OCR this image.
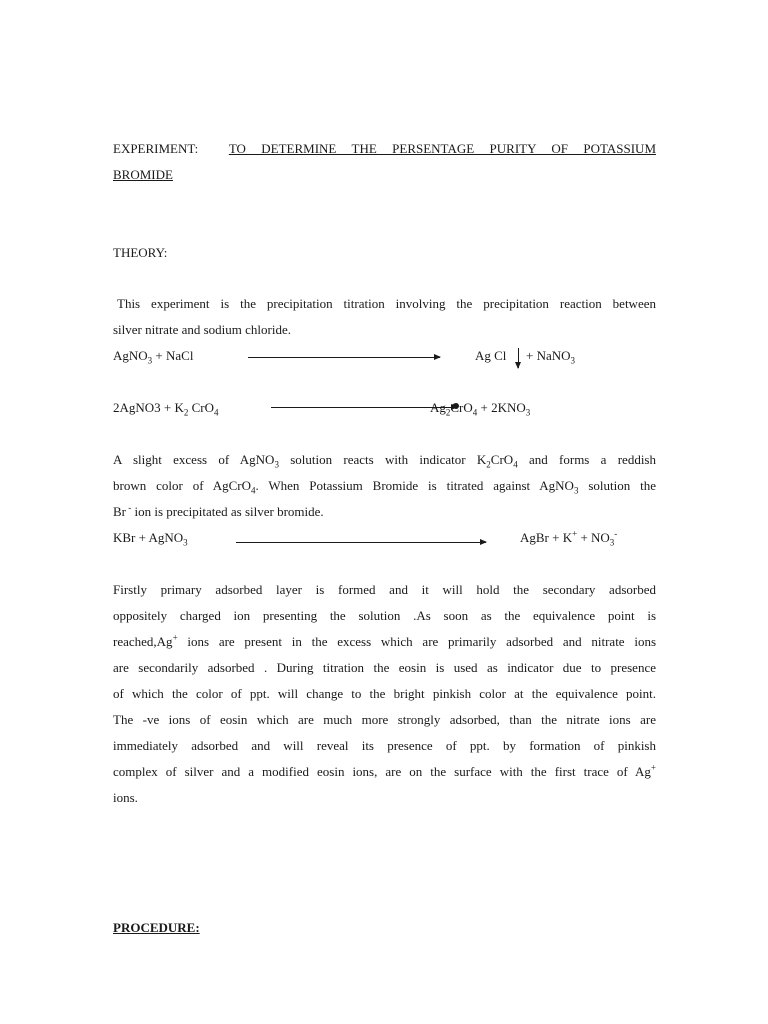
EXPERIMENT: TO DETERMINE THE PERSENTAGE PURITY OF POTASSIUM
BROMIDE
THEORY:
This experiment is the precipitation titration involving the precipitation reaction between
silver nitrate and sodium chloride.
AgNO$_3$ + NaCl	Ag Cl + NaNO$_3$
2AgNO3 + $K_2$ CrO$_4$	$Ag_2CrO_4 + 2KNO_3$
A slight excess of AgNO$_3$ solution reacts with indicator $K_2CrO_4$ and forms a reddish
brown color of AgCrO$_4$. When Potassium Bromide is titrated against AgNO$_3$ solution the
Br - ion is precipitated as silver bromide.
KBr + AgNO$_3$	AgBr + $K^+ + NO_3^-$
Firstly primary adsorbed layer is formed and it will hold the secondary adsorbed
oppositely charged ion presenting the solution .As soon as the equivalence point is
reached,Ag+ ions are present in the excess which are primarily adsorbed and nitrate ions
are secondarily adsorbed . During titration the eosin is used as indicator due to presence
of which the color of ppt. will change to the bright pinkish color at the equivalence point.
The -ve ions of eosin which are much more strongly adsorbed, than the nitrate ions are
immediately adsorbed and will reveal its presence of ppt. by formation of pinkish
complex of silver and a modified eosin ions, are on the surface with the first trace of Ag+
ions.
PROCEDURE:
